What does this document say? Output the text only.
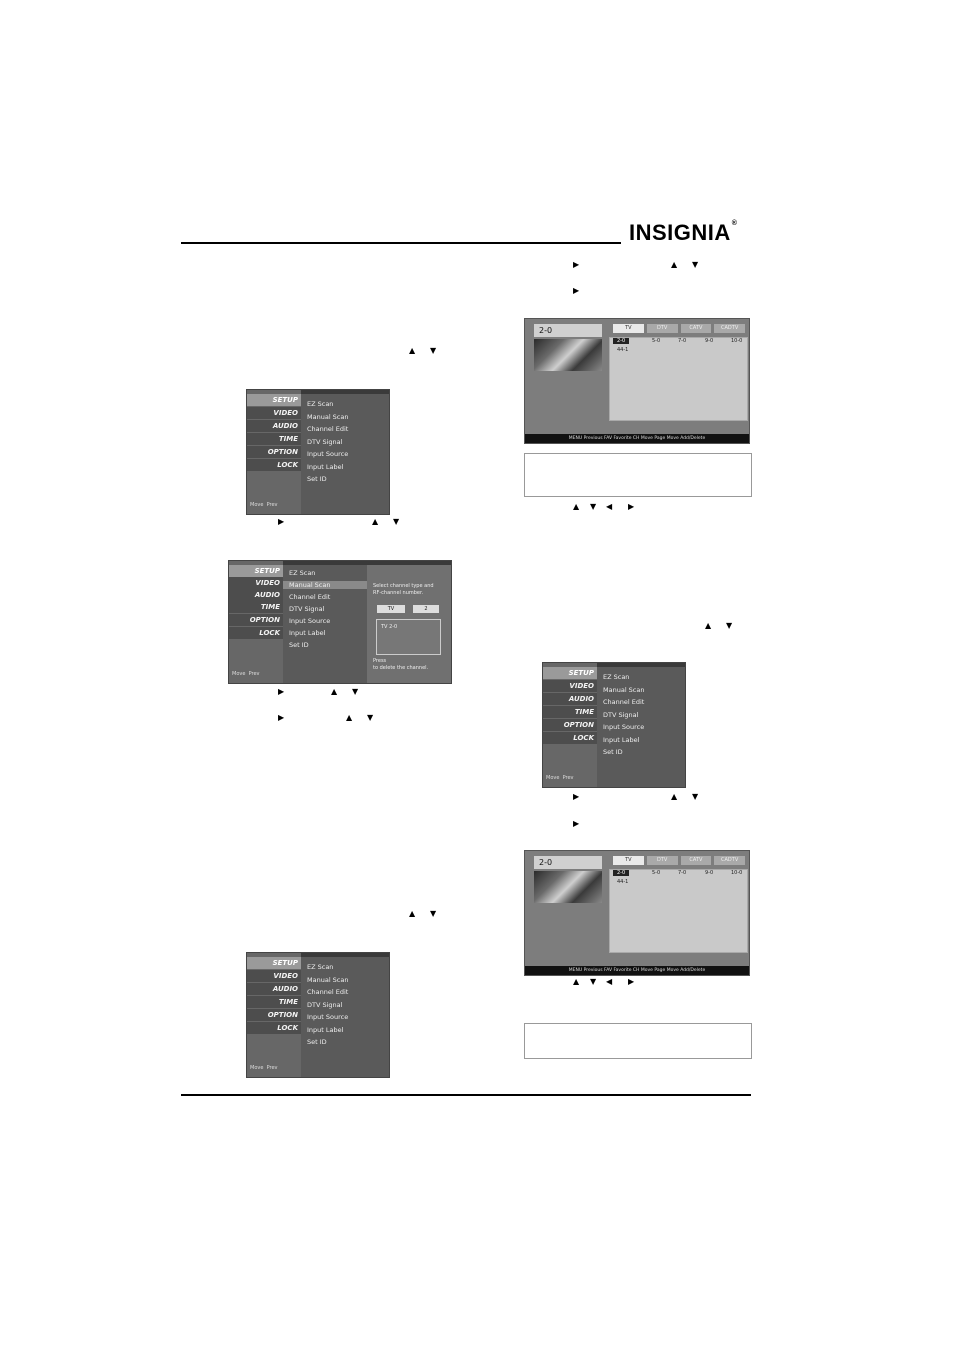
INSIGNIA®
▲ ▼
SETUP
VIDEO
AUDIO
TIME
OPTION
LOCK
Move Prev
EZ Scan
Manual Scan
Channel Edit
DTV Signal
Input Source
Input Label
Set ID
▶	▲ ▼
SETUP
VIDEO
AUDIO
TIME
OPTION
LOCK
Move Prev
EZ Scan
Manual Scan
Channel Edit
DTV Signal
Input Source
Input Label
Set ID
Select channel type and
RF-channel number.
TV	2
TV 2-0
Press
to delete the channel.
▶	▲ ▼
▶	▲ ▼
▲ ▼
SETUP
VIDEO
AUDIO
TIME
OPTION
LOCK
Move Prev
EZ Scan
Manual Scan
Channel Edit
DTV Signal
Input Source
Input Label
Set ID
▶	▲ ▼
▶
2-0	TV	DTV	CATV	CADTV
2-0	5-0	7-0	9-0	10-0
44-1
MENU Previous FAV Favorite CH Move Page Move Add/Delete
▲ ▼ ◀ ▶
▲ ▼
SETUP
VIDEO
AUDIO
TIME
OPTION
LOCK
Move Prev
EZ Scan
Manual Scan
Channel Edit
DTV Signal
Input Source
Input Label
Set ID
▶	▲ ▼
▶
2-0	TV	DTV	CATV	CADTV
2-0	5-0	7-0	9-0	10-0
44-1
MENU Previous FAV Favorite CH Move Page Move Add/Delete
▲ ▼ ◀ ▶
